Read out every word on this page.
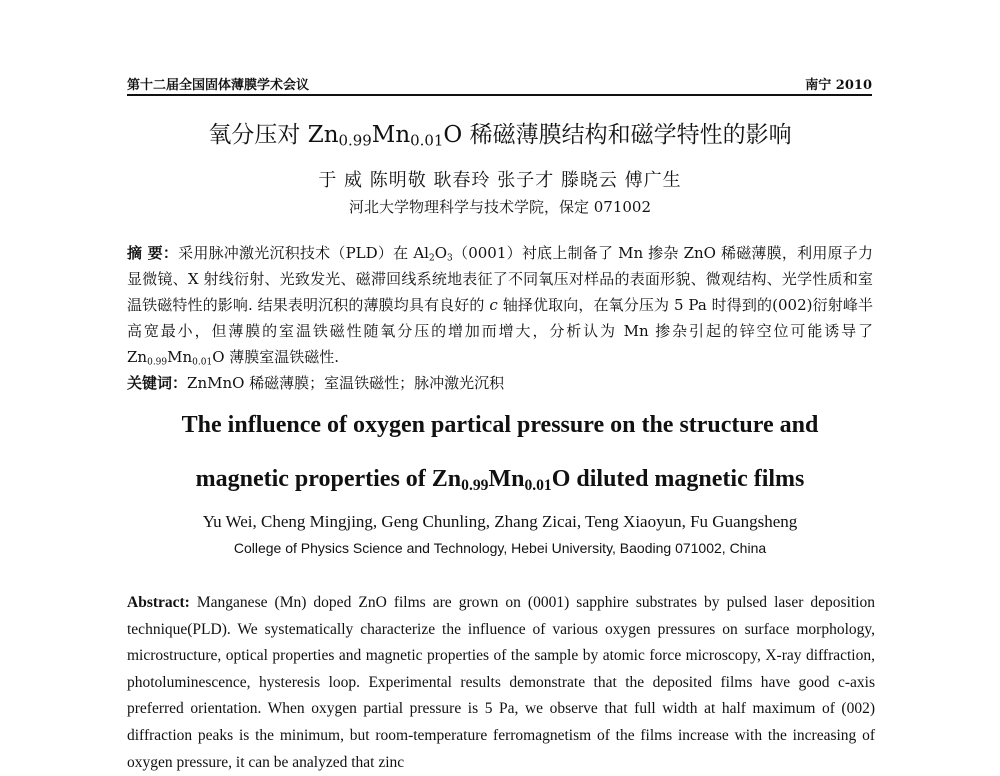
第十二届全国固体薄膜学术会议	南宁 2010
氧分压对 $Zn_{0.99}Mn_{0.01}O$ 稀磁薄膜结构和磁学特性的影响
于 威 陈明敬 耿春玲 张子才 滕晓云 傅广生
河北大学物理科学与技术学院，保定 071002
摘 要：采用脉冲激光沉积技术（PLD）在 $Al_2O_3(0001)$衬底上制备了 Mn 掺杂 ZnO 稀磁薄膜，利用原子力显微镜、X 射线衍射、光致发光、磁滞回线系统地表征了不同氧压对样品的表面形貌、微观结构、光学性质和室温铁磁特性的影响. 结果表明沉积的薄膜均具有良好的 c 轴择优取向，在氧分压为 5 Pa 时得到的(002)衍射峰半高宽最小，但薄膜的室温铁磁性随氧分压的增加而增大，分析认为 Mn 掺杂引起的锌空位可能诱导了 $Zn_{0.99}Mn_{0.01}O$ 薄膜室温铁磁性.
关键词：ZnMnO 稀磁薄膜；室温铁磁性；脉冲激光沉积
The influence of oxygen partical pressure on the structure and
magnetic properties of $Zn_{0.99}Mn_{0.01}O$ diluted magnetic films
Yu Wei, Cheng Mingjing, Geng Chunling, Zhang Zicai, Teng Xiaoyun, Fu Guangsheng
College of Physics Science and Technology, Hebei University, Baoding 071002, China
Abstract: Manganese (Mn) doped ZnO films are grown on (0001) sapphire substrates by pulsed laser deposition technique(PLD). We systematically characterize the influence of various oxygen pressures on surface morphology, microstructure, optical properties and magnetic properties of the sample by atomic force microscopy, X-ray diffraction, photoluminescence, hysteresis loop. Experimental results demonstrate that the deposited films have good c-axis preferred orientation. When oxygen partial pressure is 5 Pa, we observe that full width at half maximum of (002) diffraction peaks is the minimum, but room-temperature ferromagnetism of the films increase with the increasing of oxygen pressure, it can be analyzed that zinc
